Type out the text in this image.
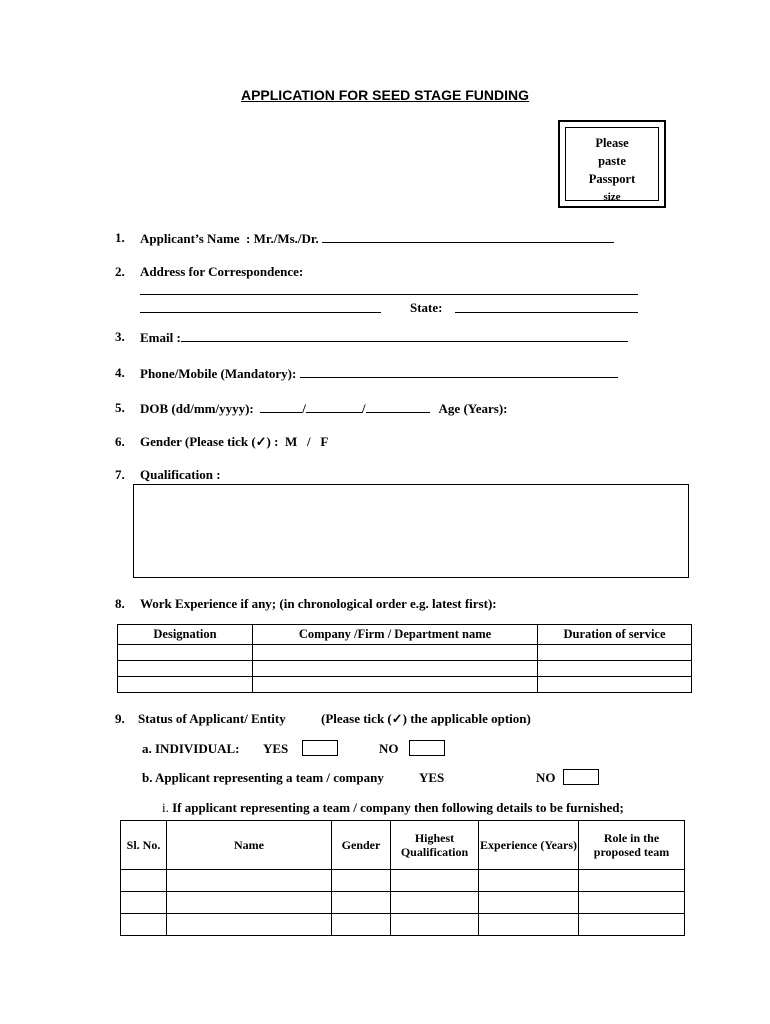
APPLICATION FOR SEED STAGE FUNDING
Please
paste
Passport
size
1. Applicant’s Name  : Mr./Ms./Dr.
2. Address for Correspondence:
State:
3. Email :
4. Phone/Mobile (Mandatory):
5. DOB (dd/mm/yyyy):	/	/	Age (Years):
6. Gender (Please tick (✓) :  M   /   F
7. Qualification :
8. Work Experience if any; (in chronological order e.g. latest first):
Designation	Company /Firm / Department name	Duration of service

9. Status of Applicant/ Entity	(Please tick (✓) the applicable option)
a. INDIVIDUAL: YES	NO
b. Applicant representing a team / company	YES	NO
i. If applicant representing a team / company then following details to be furnished;
Sl. No.	Name	Gender	Highest Qualification	Experience (Years)	Role in the proposed team
